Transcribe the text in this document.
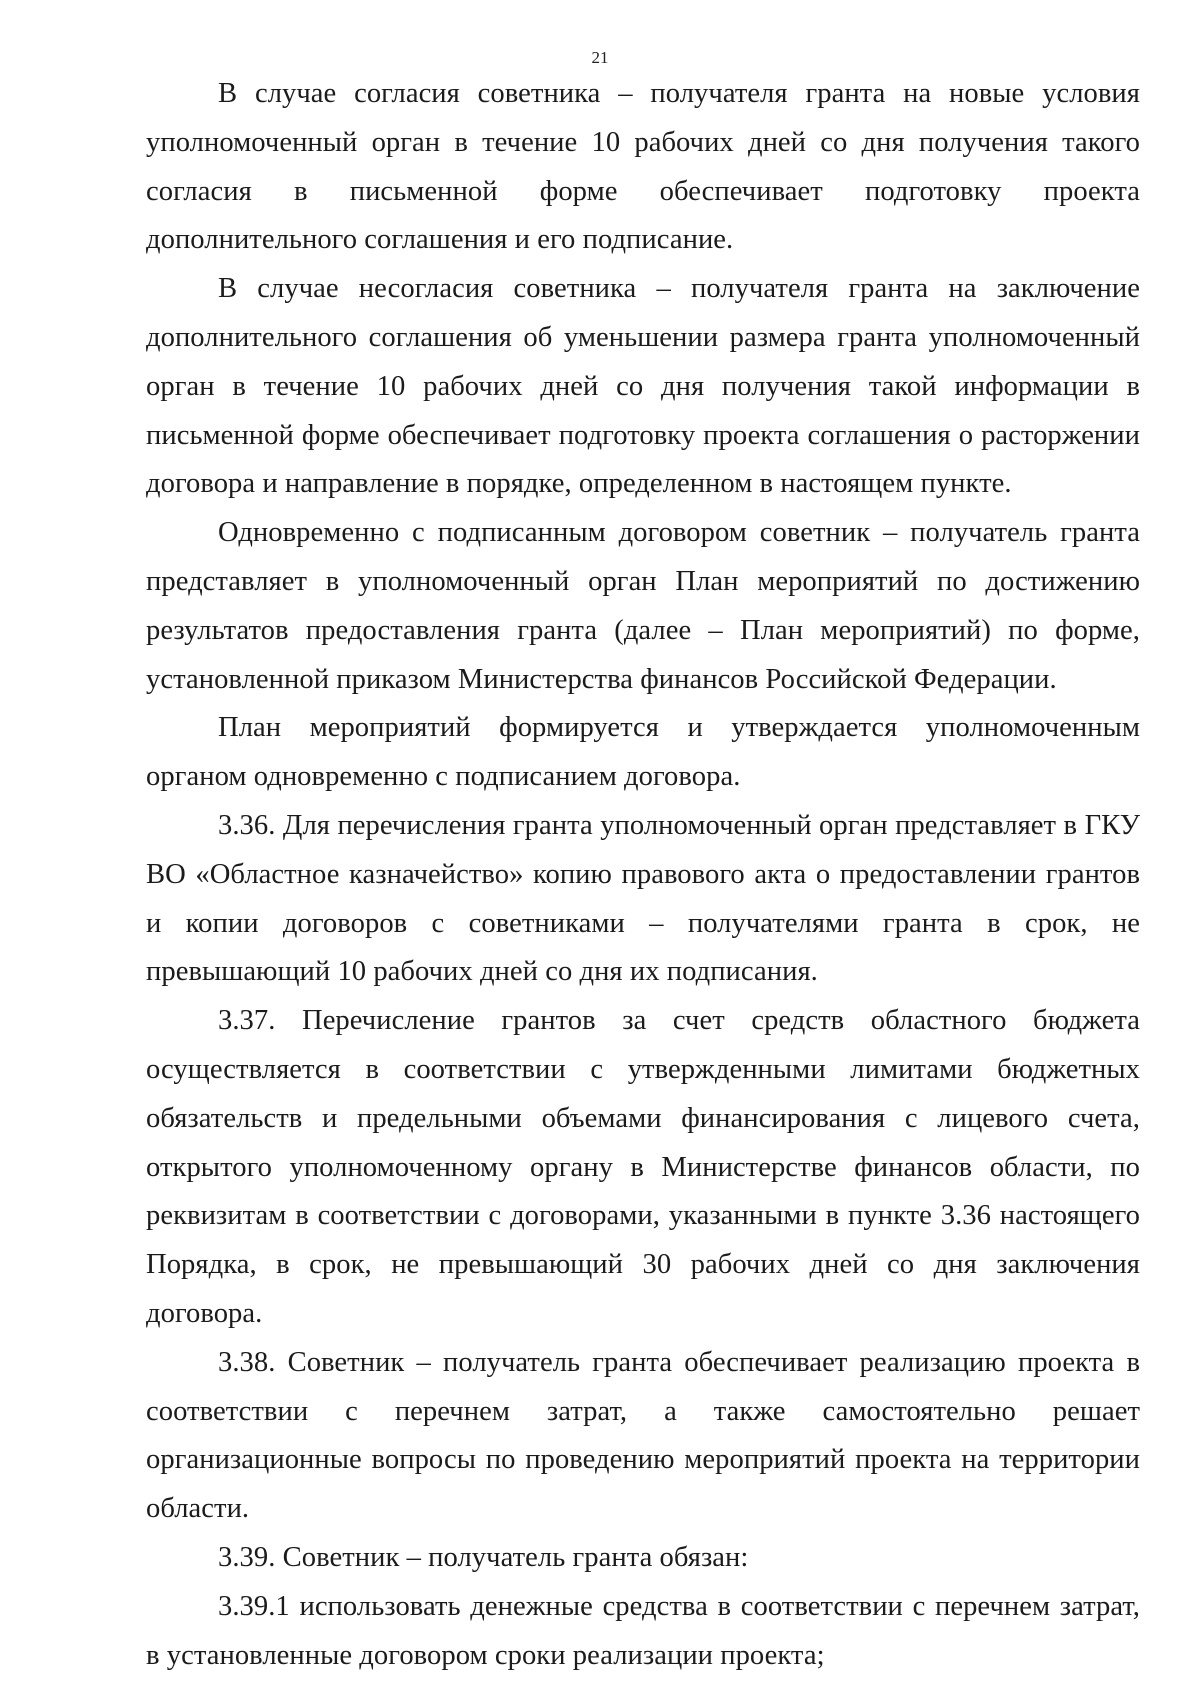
21

В случае согласия советника – получателя гранта на новые условия уполномоченный орган в течение 10 рабочих дней со дня получения такого согласия в письменной форме обеспечивает подготовку проекта дополнительного соглашения и его подписание.

В случае несогласия советника – получателя гранта на заключение дополнительного соглашения об уменьшении размера гранта уполномоченный орган в течение 10 рабочих дней со дня получения такой информации в письменной форме обеспечивает подготовку проекта соглашения о расторжении договора и направление в порядке, определенном в настоящем пункте.

Одновременно с подписанным договором советник – получатель гранта представляет в уполномоченный орган План мероприятий по достижению результатов предоставления гранта (далее – План мероприятий) по форме, установленной приказом Министерства финансов Российской Федерации.

План мероприятий формируется и утверждается уполномоченным органом одновременно с подписанием договора.

3.36. Для перечисления гранта уполномоченный орган представляет в ГКУ ВО «Областное казначейство» копию правового акта о предоставлении грантов и копии договоров с советниками – получателями гранта в срок, не превышающий 10 рабочих дней со дня их подписания.

3.37. Перечисление грантов за счет средств областного бюджета осуществляется в соответствии с утвержденными лимитами бюджетных обязательств и предельными объемами финансирования с лицевого счета, открытого уполномоченному органу в Министерстве финансов области, по реквизитам в соответствии с договорами, указанными в пункте 3.36 настоящего Порядка, в срок, не превышающий 30 рабочих дней со дня заключения договора.

3.38. Советник – получатель гранта обеспечивает реализацию проекта в соответствии с перечнем затрат, а также самостоятельно решает организационные вопросы по проведению мероприятий проекта на территории области.

3.39. Советник – получатель гранта обязан:

3.39.1 использовать денежные средства в соответствии с перечнем затрат, в установленные договором сроки реализации проекта;
